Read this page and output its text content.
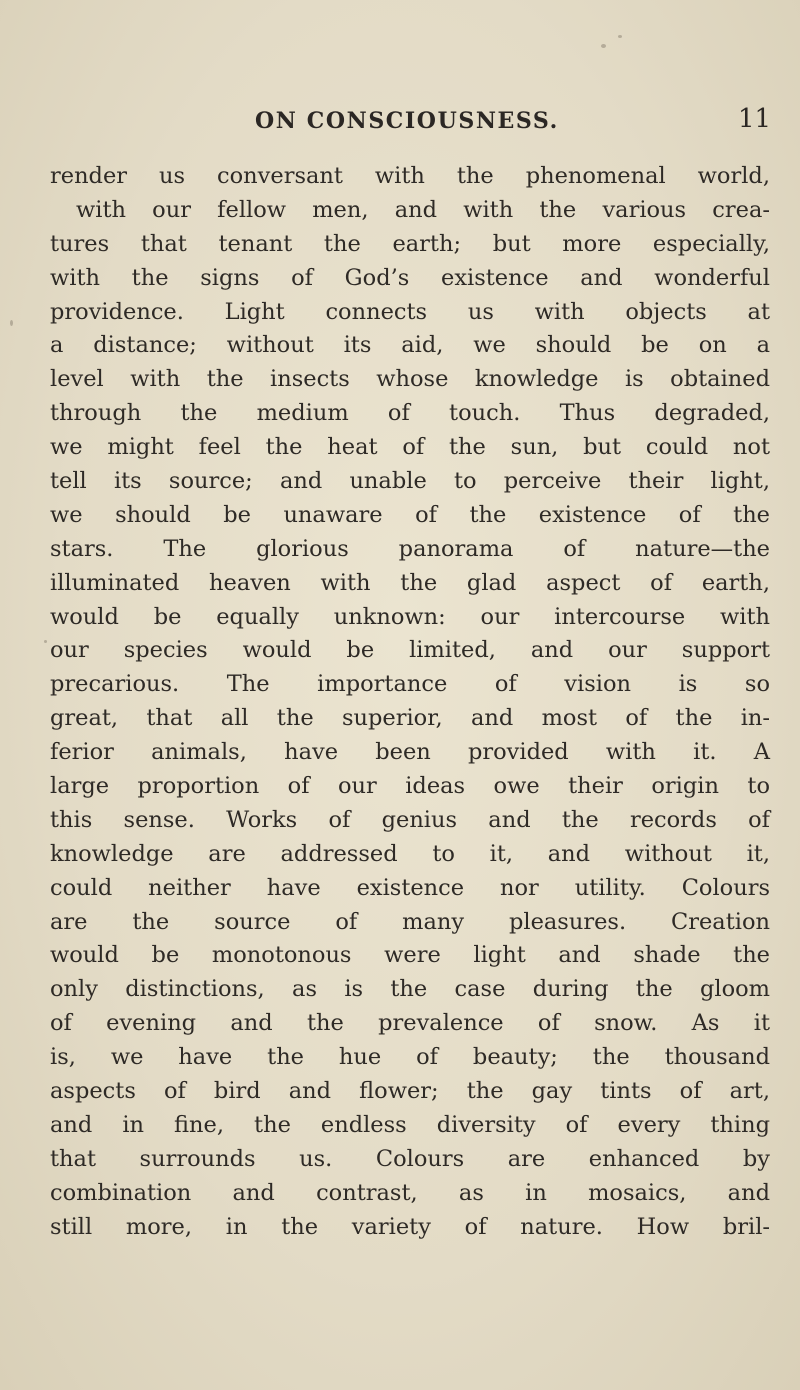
ON CONSCIOUSNESS.	11
render us conversant with the phenomenal world,
with our fellow men, and with the various crea-
tures that tenant the earth; but more especially,
with the signs of God’s existence and wonderful
providence. Light connects us with objects at
a distance; without its aid, we should be on a
level with the insects whose knowledge is obtained
through the medium of touch. Thus degraded,
we might feel the heat of the sun, but could not
tell its source; and unable to perceive their light,
we should be unaware of the existence of the
stars. The glorious panorama of nature—the
illuminated heaven with the glad aspect of earth,
would be equally unknown: our intercourse with
our species would be limited, and our support
precarious. The importance of vision is so
great, that all the superior, and most of the in-
ferior animals, have been provided with it. A
large proportion of our ideas owe their origin to
this sense. Works of genius and the records of
knowledge are addressed to it, and without it,
could neither have existence nor utility. Colours
are the source of many pleasures. Creation
would be monotonous were light and shade the
only distinctions, as is the case during the gloom
of evening and the prevalence of snow. As it
is, we have the hue of beauty; the thousand
aspects of bird and flower; the gay tints of art,
and in fine, the endless diversity of every thing
that surrounds us. Colours are enhanced by
combination and contrast, as in mosaics, and
still more, in the variety of nature. How bril-
